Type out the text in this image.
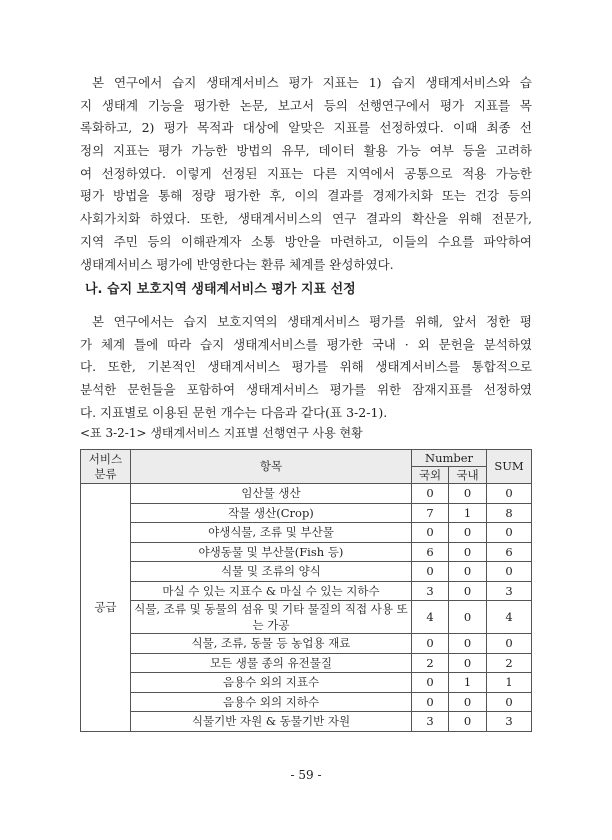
본 연구에서 습지 생태계서비스 평가 지표는 1) 습지 생태계서비스와 습
지 생태계 기능을 평가한 논문, 보고서 등의 선행연구에서 평가 지표를 목
록화하고, 2) 평가 목적과 대상에 알맞은 지표를 선정하였다. 이때 최종 선
정의 지표는 평가 가능한 방법의 유무, 데이터 활용 가능 여부 등을 고려하
여 선정하였다. 이렇게 선정된 지표는 다른 지역에서 공통으로 적용 가능한
평가 방법을 통해 정량 평가한 후, 이의 결과를 경제가치화 또는 건강 등의
사회가치화 하였다. 또한, 생태계서비스의 연구 결과의 확산을 위해 전문가,
지역 주민 등의 이해관계자 소통 방안을 마련하고, 이들의 수요를 파악하여
생태계서비스 평가에 반영한다는 환류 체계를 완성하였다.
나. 습지 보호지역 생태계서비스 평가 지표 선정
본 연구에서는 습지 보호지역의 생태계서비스 평가를 위해, 앞서 정한 평
가 체계 틀에 따라 습지 생태계서비스를 평가한 국내 · 외 문헌을 분석하였
다. 또한, 기본적인 생태계서비스 평가를 위해 생태계서비스를 통합적으로
분석한 문헌들을 포함하여 생태계서비스 평가를 위한 잠재지표를 선정하였
다. 지표별로 이용된 문헌 개수는 다음과 같다(표 3-2-1).
<표 3-2-1> 생태계서비스 지표별 선행연구 사용 현황
서비스 분류	항목	Number		SUM
		국외	국내	
공급	임산물 생산	0	0	0
	작물 생산(Crop)	7	1	8
	야생식물, 조류 및 부산물	0	0	0
	야생동물 및 부산물(Fish 등)	6	0	6
	식물 및 조류의 양식	0	0	0
	마실 수 있는 지표수 & 마실 수 있는 지하수	3	0	3
	식물, 조류 및 동물의 섬유 및 기타 물질의 직접 사용 또는 가공	4	0	4
	식물, 조류, 동물 등 농업용 재료	0	0	0
	모든 생물 종의 유전물질	2	0	2
	음용수 외의 지표수	0	1	1
	음용수 외의 지하수	0	0	0
	식물기반 자원 & 동물기반 자원	3	0	3
- 59 -
